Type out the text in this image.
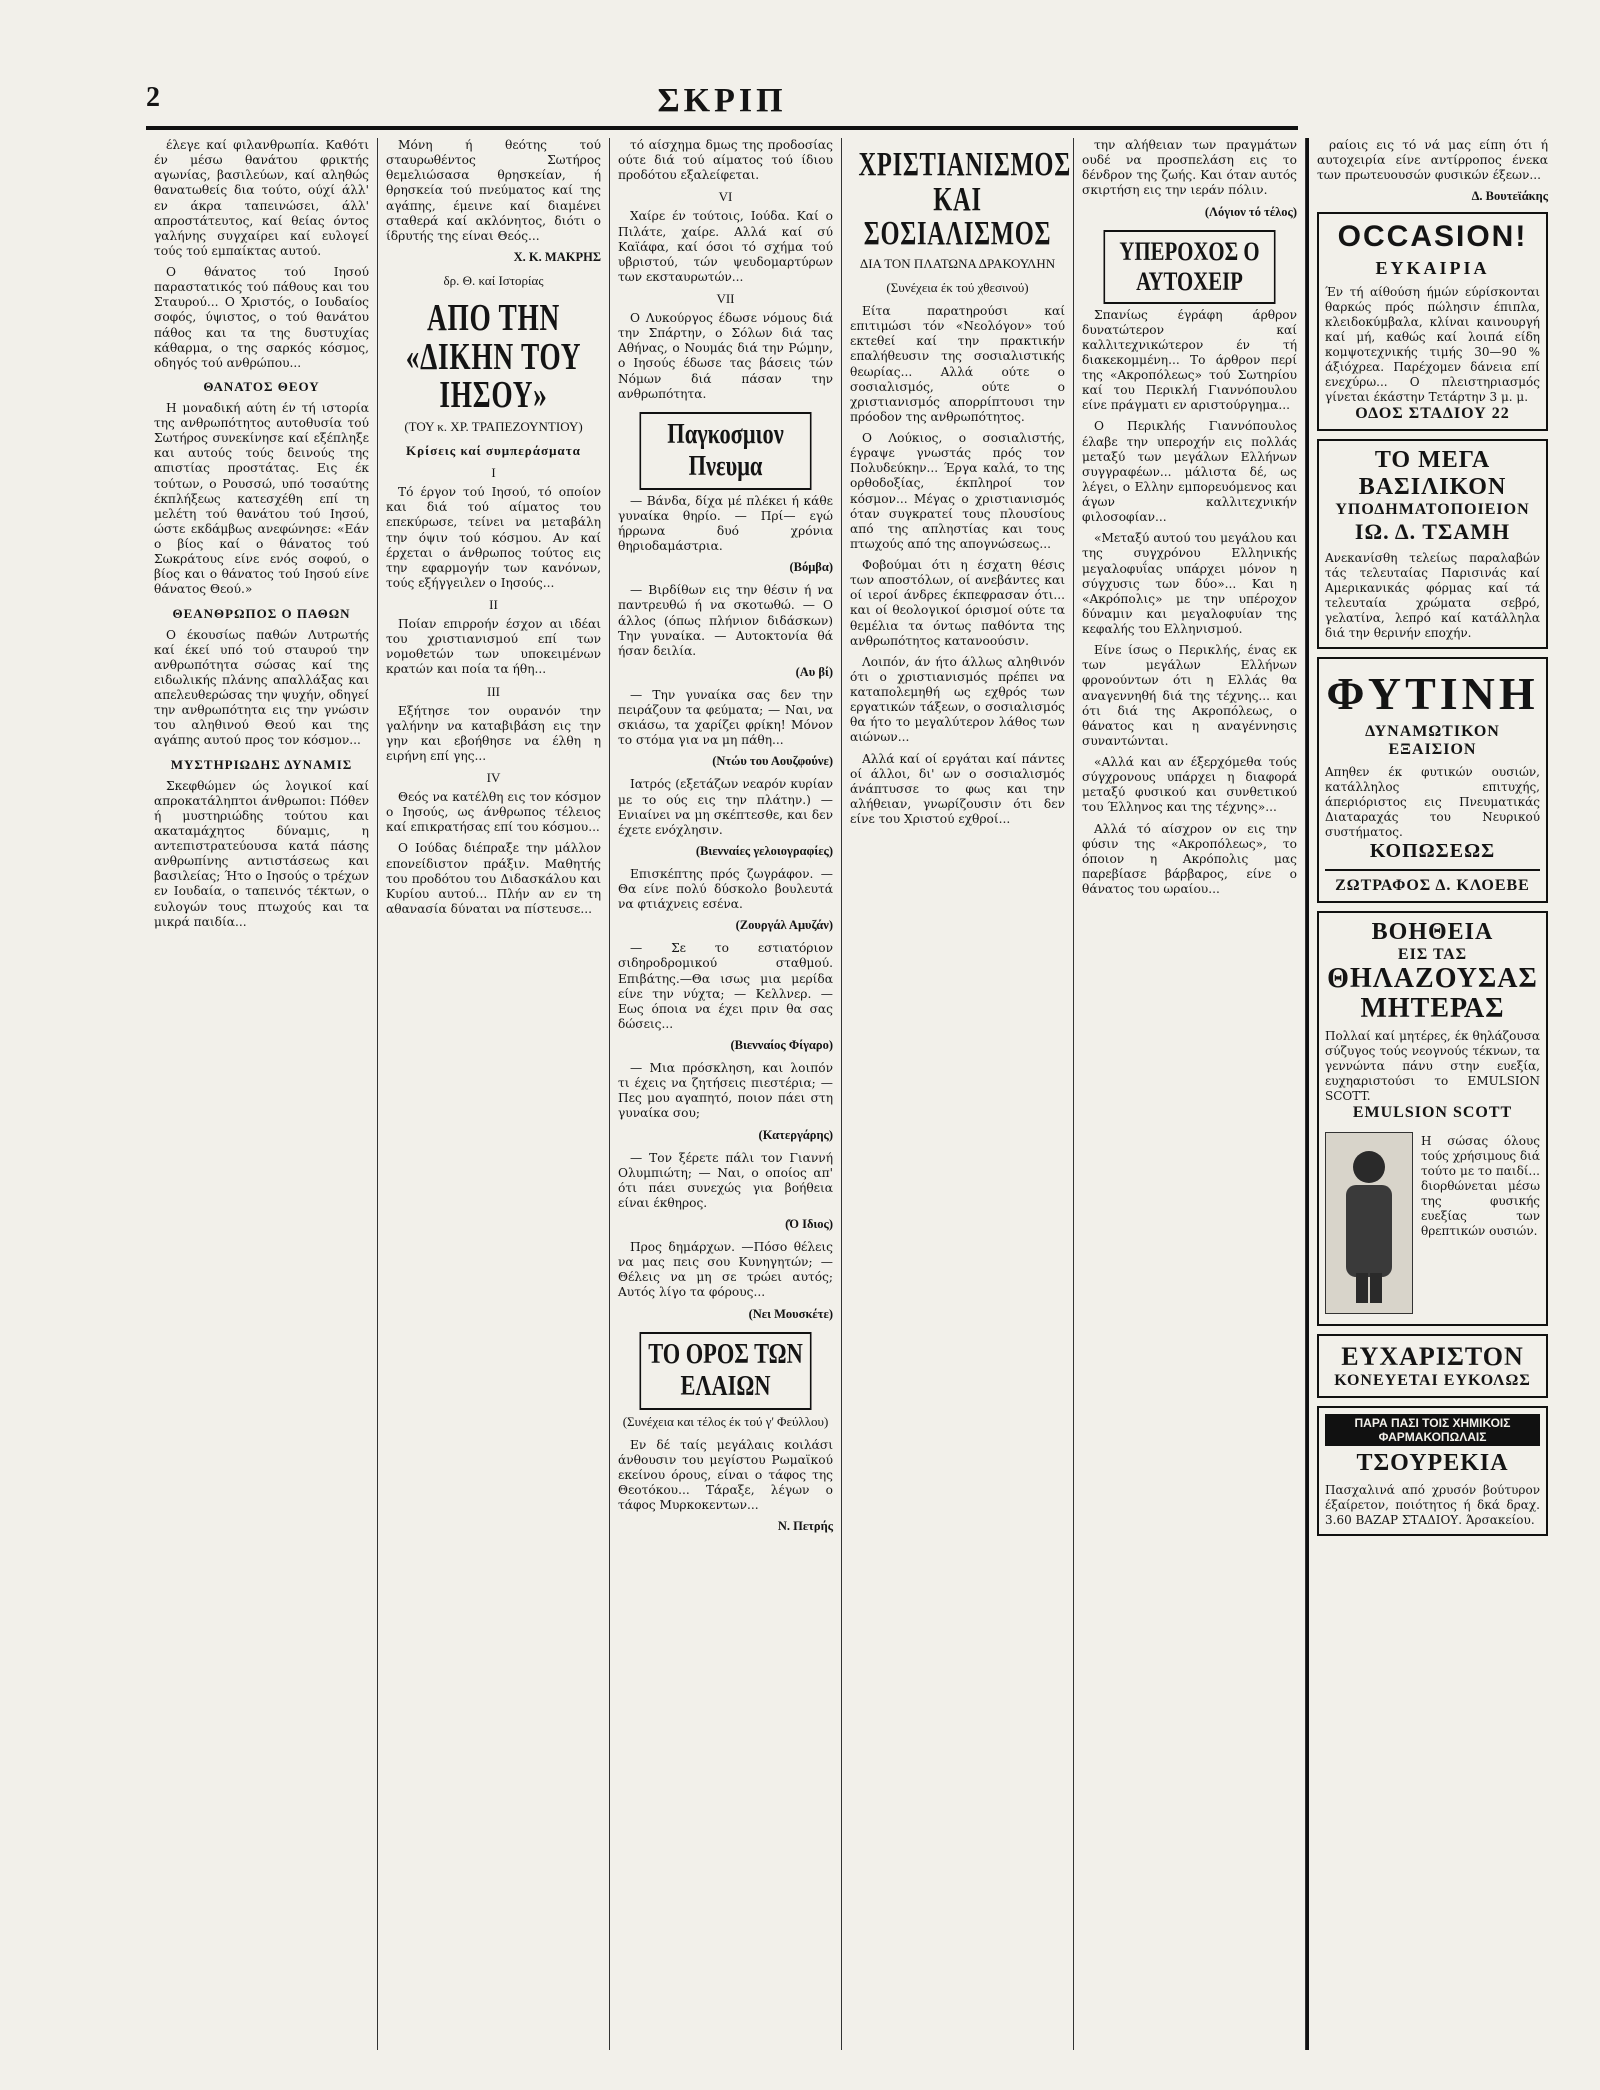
2	ΣΚΡΙΠ

έλεγε καί φιλανθρωπία. Καθότι έν μέσω θανάτου φρικτής αγωνίας, βασιλεύων, καί αληθώς θανατωθείς δια τούτο, ούχί άλλ' εν άκρα ταπεινώσει, άλλ' απροστάτευτος, καί θείας όντος γαλήνης συγχαίρει καί ευλογεί τούς τού εμπαίκτας αυτού.

Ο θάνατος τού Ιησού παραστατικός τού πάθους και του Σταυρού... Ο Χριστός, ο Ιουδαίος σοφός, ύψιστος, ο τού θανάτου πάθος και τα της δυστυχίας κάθαρμα, ο της σαρκός κόσμος, οδηγός τού ανθρώπου...

ΘΑΝΑΤΟΣ ΘΕΟΥ

Η μοναδική αύτη έν τή ιστορία της ανθρωπότητος αυτοθυσία τού Σωτήρος συνεκίνησε καί εξέπληξε και αυτούς τούς δεινούς της απιστίας προστάτας. Εις έκ τούτων, ο Ρουσσώ, υπό τοσαύτης έκπλήξεως κατεσχέθη επί τη μελέτη τού θανάτου τού Ιησού, ώστε εκδάμβως ανεφώνησε: «Εάν ο βίος καί ο θάνατος τού Σωκράτους είνε ενός σοφού, ο βίος και ο θάνατος τού Ιησού είνε θάνατος Θεού.»

ΘΕΑΝΘΡΩΠΟΣ Ο ΠΑΘΩΝ

Ο έκουσίως παθών Λυτρωτής καί έκεί υπό τού σταυρού την ανθρωπότητα σώσας καί της ειδωλικής πλάνης απαλλάξας και απελευθερώσας την ψυχήν, οδηγεί την ανθρωπότητα εις την γνώσιν του αληθινού Θεού και της αγάπης αυτού προς τον κόσμον...

ΜΥΣΤΗΡΙΩΔΗΣ ΔΥΝΑΜΙΣ

Σκεφθώμεν ώς λογικοί καί απροκατάληπτοι άνθρωποι: Πόθεν ή μυστηριώδης τούτου και ακαταμάχητος δύναμις, η αντεπιστρατεύουσα κατά πάσης ανθρωπίνης αντιστάσεως και βασιλείας; Ήτο ο Ιησούς ο τρέχων εν Ιουδαία, ο ταπεινός τέκτων, ο ευλογών τους πτωχούς και τα μικρά παιδία...

Μόνη ή θεότης τού σταυρωθέντος Σωτήρος θεμελιώσασα θρησκείαν, ή θρησκεία τού πνεύματος καί της αγάπης, έμεινε καί διαμένει σταθερά καί ακλόνητος, διότι ο ίδρυτής της είναι Θεός...

Χ. Κ. ΜΑΚΡΗΣ
δρ. Θ. καί Ιστορίας
ΑΠΟ ΤΗΝ «ΔΙΚΗΝ ΤΟΥ ΙΗΣΟΥ»
(ΤΟΥ κ. ΧΡ. ΤΡΑΠΕΖΟΥΝΤΙΟΥ)
Κρίσεις καί συμπεράσματα
I

Τό έργον τού Ιησού, τό οποίον και διά τού αίματος του επεκύρωσε, τείνει να μεταβάλη την όψιν τού κόσμου. Αν καί έρχεται ο άνθρωπος τούτος εις την εφαρμογήν των κανόνων, τούς εξήγγειλεν ο Ιησούς...

II

Ποίαν επιρροήν έσχον αι ιδέαι του χριστιανισμού επί των νομοθετών των υποκειμένων κρατών και ποία τα ήθη...

III

Εξήτησε τον ουρανόν την γαλήνην να καταβιβάση εις την γην και εβοήθησε να έλθη η ειρήνη επί γης...

IV

Θεός να κατέλθη εις τον κόσμον ο Ιησούς, ως άνθρωπος τέλειος καί επικρατήσας επί του κόσμου...

Ο Ιούδας διέπραξε την μάλλον επονείδιστον πράξιν. Μαθητής του προδότου του Διδασκάλου και Κυρίου αυτού... Πλήν αν εν τη αθανασία δύναται να πίστευσε...

τό αίσχημα δμως της προδοσίας ούτε διά τού αίματος τού ίδιου προδότου εξαλείφεται.

VI

Χαίρε έν τούτοις, Ιούδα. Καί ο Πιλάτε, χαίρε. Αλλά καί σύ Καϊάφα, καί όσοι τό σχήμα τού υβριστού, τών ψευδομαρτύρων των εκσταυρωτών...

VII

Ο Λυκούργος έδωσε νόμους διά την Σπάρτην, ο Σόλων διά τας Αθήνας, ο Νουμάς διά την Ρώμην, ο Ιησούς έδωσε τας βάσεις τών Νόμων διά πάσαν την ανθρωπότητα.

Παγκοσμιον Πνευμα

— Βάνδα, δίχα μέ πλέκει ή κάθε γυναίκα θηρίο. — Πρί— εγώ ήρρωνα δυό χρόνια θηριοδαμάστρια.

(Βόμβα)

— Βιρδίθων εις την θέσιν ή να παντρευθώ ή να σκοτωθώ. — Ο άλλος (όπως πλήνιον διδάσκων) Την γυναίκα. — Αυτοκτονία θά ήσαν δειλία.

(Αυ βί)

— Την γυναίκα σας δεν την πειράζουν τα φεύματα; — Ναι, να σκιάσω, τα χαρίζει φρίκη! Μόνον το στόμα για να μη πάθη...

(Ντώυ του Αουζφούνε)

Ιατρός (εξετάζων νεαρόν κυρίαν με το ούς εις την πλάτην.) — Ενιαίνει να μη σκέπτεσθε, και δεν έχετε ενόχλησιν.

(Βιενναίες γελοιογραφίες)

Επισκέπτης πρός ζωγράφον. — Θα είνε πολύ δύσκολο βουλευτά να φτιάχνεις εσένα.

(Ζουργάλ Αμυζάν)

— Σε το εστιατόριον σιδηροδρομικού σταθμού. Επιβάτης.—Θα ισως μια μερίδα είνε την νύχτα; — Κελλνερ. — Εως όποια να έχει πριν θα σας δώσεις...

(Βιενναίος Φίγαρο)

— Μια πρόσκληση, και λοιπόν τι έχεις να ζητήσεις πιεστέρια; — Πες μου αγαπητό, ποιον πάει στη γυναίκα σου;

(Κατεργάρης)

— Τον ξέρετε πάλι τον Γιαννή Ολυμπιώτη; — Ναι, ο οποίος απ' ότι πάει συνεχώς για βοήθεια είναι έκθηρος.

(Ό Ιδιος)

Προς δημάρχων. —Πόσο θέλεις να μας πεις σου Κυνηγητών; — Θέλεις να μη σε τρώει αυτός; Αυτός λίγο τα φόρους...

(Νει Μουσκέτε)
ΤΟ ΟΡΟΣ ΤΩΝ ΕΛΑΙΩΝ
(Συνέχεια και τέλος έκ τού γ' Φεύλλου)

Εν δέ ταίς μεγάλαις κοιλάσι άνθουσιν του μεγίστου Ρωμαϊκού εκείνου όρους, είναι ο τάφος της Θεοτόκου... Τάραξε, λέγων ο τάφος Μυρκοκεντων...

Ν. Πετρής
ΧΡΙΣΤΙΑΝΙΣΜΟΣ ΚΑΙ ΣΟΣΙΑΛΙΣΜΟΣ
ΔΙΑ ΤΟΝ ΠΛΑΤΩΝΑ ΔΡΑΚΟΥΛΗΝ
(Συνέχεια έκ τού χθεσινού)

Είτα παρατηρούσι καί επιτιμώσι τόν «Νεολόγον» τού εκτεθεί καί την πρακτικήν επαλήθευσιν της σοσιαλιστικής θεωρίας... Αλλά ούτε ο σοσιαλισμός, ούτε ο χριστιανισμός απορρίπτουσι την πρόοδον της ανθρωπότητος.

Ο Λούκιος, ο σοσιαλιστής, έγραψε γνωστάς πρός τον Πολυδεύκην... Έργα καλά, το της ορθοδοξίας, έκπληροί τον κόσμον... Μέγας ο χριστιανισμός όταν συγκρατεί τους πλουσίους από της απληστίας και τους πτωχούς από της απογνώσεως...

Φοβούμαι ότι η έσχατη θέσις των αποστόλων, οί ανεβάντες και οί ιεροί άνδρες έκπεφρασαν ότι... και οί θεολογικοί όρισμοί ούτε τα θεμέλια τα όντως παθόντα της ανθρωπότητος κατανοούσιν.

Λοιπόν, άν ήτο άλλως αληθινόν ότι ο χριστιανισμός πρέπει να καταπολεμηθή ως εχθρός των εργατικών τάξεων, ο σοσιαλισμός θα ήτο το μεγαλύτερον λάθος των αιώνων...

Αλλά καί οί εργάται καί πάντες οί άλλοι, δι' ων ο σοσιαλισμός άνάπτυσσε το φως και την αλήθειαν, γνωρίζουσιν ότι δεν είνε του Χριστού εχθροί...

την αλήθειαν των πραγμάτων ουδέ να προσπελάση εις το δένδρον της ζωής. Και όταν αυτός σκιρτήση εις την ιεράν πόλιν.

(Λόγιον τό τέλος)
ΥΠΕΡΟΧΟΣ Ο ΑΥΤΟΧΕΙΡ

Σπανίως έγράφη άρθρον δυνατώτερον καί καλλιτεχνικώτερον έν τή διακεκομμένη... Το άρθρον περί της «Ακροπόλεως» τού Σωτηρίου καί του Περικλή Γιαννόπουλου είνε πράγματι εν αριστούργημα...

Ο Περικλής Γιαννόπουλος έλαβε την υπεροχήν εις πολλάς μεταξύ των μεγάλων Ελλήνων συγγραφέων... μάλιστα δέ, ως λέγει, ο Ελλην εμπορευόμενος και άγων καλλιτεχνικήν φιλοσοφίαν...

«Μεταξύ αυτού του μεγάλου και της συγχρόνου Ελληνικής μεγαλοφυΐας υπάρχει μόνον η σύγχυσις των δύο»... Και η «Ακρόπολις» με την υπέροχον δύναμιν και μεγαλοφυίαν της κεφαλής του Ελληνισμού.

Είνε ίσως ο Περικλής, ένας εκ των μεγάλων Ελλήνων φρονούντων ότι η Ελλάς θα αναγεννηθή διά της τέχνης... και ότι διά της Ακροπόλεως, ο θάνατος και η αναγέννησις συναντώνται.

«Αλλά και αν έξερχόμεθα τούς σύγχρονους υπάρχει η διαφορά μεταξύ φυσικού και συνθετικού του Έλληνος και της τέχνης»...

Αλλά τό αίσχρον ον εις την φύσιν της «Ακροπόλεως», το όποιον η Ακρόπολις μας παρεβίασε βάρβαρος, είνε ο θάνατος του ωραίου...

ραίοις εις τό νά μας είπη ότι ή αυτοχειρία είνε αντίρροπος ένεκα των πρωτευουσών φυσικών έξεων...

Δ. Βουτεϊάκης
OCCASION!
ΕΥΚΑΙΡΙΑ
Έν τή αίθούση ήμών εύρίσκονται θαρκώς πρός πώλησιν έπιπλα, κλειδοκύμβαλα, κλίναι καινουργή καί μή, καθώς καί λοιπά είδη κομψοτεχνικής τιμής 30—90 % άξιόχρεα. Παρέχομεν δάνεια επί ενεχύρω... Ο πλειστηριασμός γίνεται έκάστην Τετάρτην 3 μ. μ.
ΟΔΟΣ ΣΤΑΔΙΟΥ 22
ΤΟ ΜΕΓΑ ΒΑΣΙΛΙΚΟΝ
ΥΠΟΔΗΜΑΤΟΠΟΙΕΙΟΝ
ΙΩ. Δ. ΤΣΑΜΗ
Ανεκανίσθη τελείως παραλαβών τάς τελευταίας Παρισινάς καί Αμερικανικάς φόρμας καί τά τελευταία χρώματα σεβρό, γελατίνα, λεπρό καί κατάλληλα διά την θερινήν εποχήν.
ΦΥΤΙΝΗ
ΔΥΝΑΜΩΤΙΚΟΝ ΕΞΑΙΣΙΟΝ
Απηθεν έκ φυτικών ουσιών, κατάλληλος επιτυχής, άπεριόριστος εις Πνευματικάς Διαταραχάς του Νευρικού συστήματος.
ΚΟΠΩΣΕΩΣ
ΖΩΤΡΑΦΟΣ Δ. ΚΛΟΕΒΕ
ΒΟΗΘΕΙΑ
ΕΙΣ ΤΑΣ
ΘΗΛΑΖΟΥΣΑΣ ΜΗΤΕΡΑΣ
Πολλαί καί μητέρες, έκ θηλάζουσα σύζυγος τούς νεογνούς τέκνων, τα γεννώντα πάνυ στην ευεξία, ευχηαριστούσι το EMULSION SCOTT.
EMULSION SCOTT
Η σώσας όλους τούς χρήσιμους διά τούτο με το παιδί... διορθώνεται μέσω της φυσικής ευεξίας των θρεπτικών ουσιών.
ΕΥΧΑΡΙΣΤΟΝ
ΚΟΝΕΥΕΤΑΙ ΕΥΚΟΛΩΣ
ΠΑΡΑ ΠΑΣΙ ΤΟΙΣ ΧΗΜΙΚΟΙΣ ΦΑΡΜΑΚΟΠΩΛΑΙΣ
ΤΣΟΥΡΕΚΙΑ
Πασχαλινά από χρυσόν βούτυρον έξαίρετον, ποιότητος ή δκά δραχ. 3.60 ΒΑΖΑΡ ΣΤΑΔΙΟΥ. Άρσακείου.
